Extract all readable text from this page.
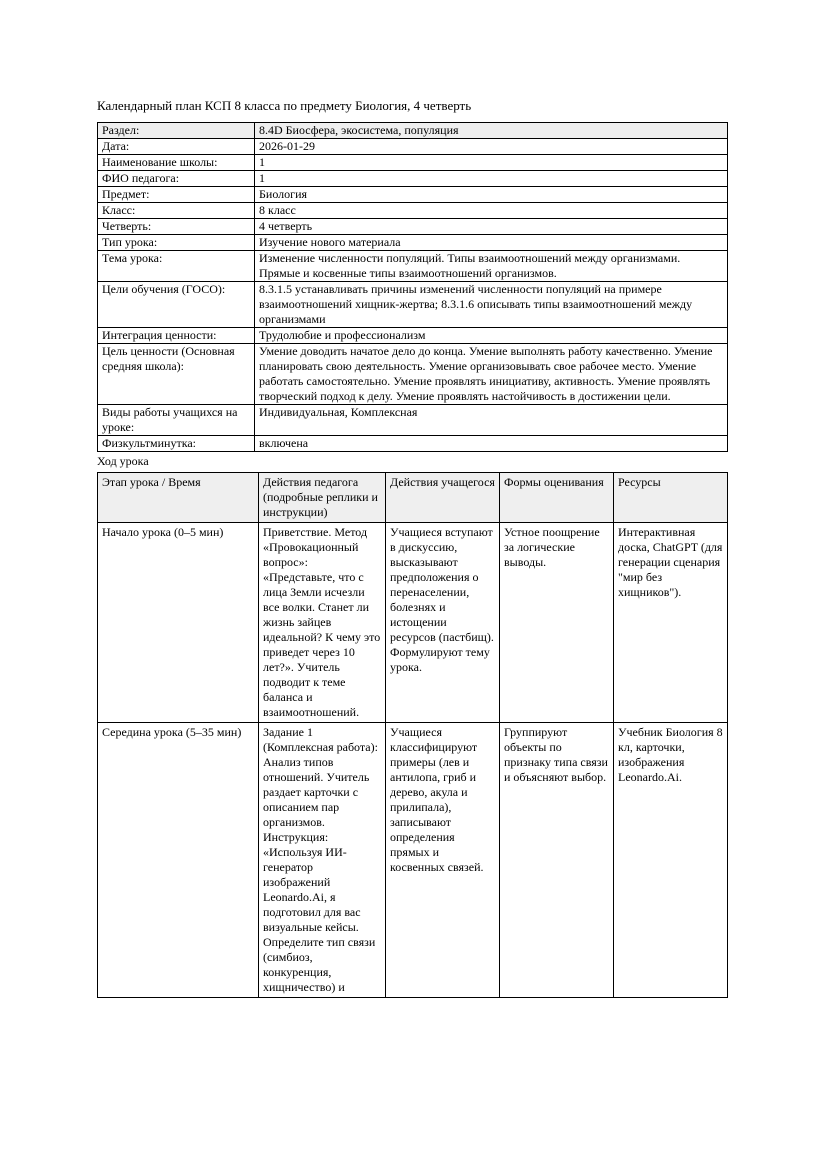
Календарный план КСП 8 класса по предмету Биология, 4 четверть

Раздел:	8.4D Биосфера, экосистема, популяция
Дата:	2026-01-29
Наименование школы:	1
ФИО педагога:	1
Предмет:	Биология
Класс:	8 класс
Четверть:	4 четверть
Тип урока:	Изучение нового материала
Тема урока:	Изменение численности популяций. Типы взаимоотношений между организмами. Прямые и косвенные типы взаимоотношений организмов.
Цели обучения (ГОСО):	8.3.1.5 устанавливать причины изменений численности популяций на примере взаимоотношений хищник-жертва; 8.3.1.6 описывать типы взаимоотношений между организмами
Интеграция ценности:	Трудолюбие и профессионализм
Цель ценности (Основная средняя школа):	Умение доводить начатое дело до конца. Умение выполнять работу качественно. Умение планировать свою деятельность. Умение организовывать свое рабочее место. Умение работать самостоятельно. Умение проявлять инициативу, активность. Умение проявлять творческий подход к делу. Умение проявлять настойчивость в достижении цели.
Виды работы учащихся на уроке:	Индивидуальная, Комплексная
Физкультминутка:	включена

Ход урока

Этап урока / Время	Действия педагога (подробные реплики и инструкции)	Действия учащегося	Формы оценивания	Ресурсы
Начало урока (0–5 мин)	Приветствие. Метод «Провокационный вопрос»: «Представьте, что с лица Земли исчезли все волки. Станет ли жизнь зайцев идеальной? К чему это приведет через 10 лет?». Учитель подводит к теме баланса и взаимоотношений.	Учащиеся вступают в дискуссию, высказывают предположения о перенаселении, болезнях и истощении ресурсов (пастбищ). Формулируют тему урока.	Устное поощрение за логические выводы.	Интерактивная доска, ChatGPT (для генерации сценария "мир без хищников").
Середина урока (5–35 мин)	Задание 1 (Комплексная работа): Анализ типов отношений. Учитель раздает карточки с описанием пар организмов. Инструкция: «Используя ИИ-генератор изображений Leonardo.Ai, я подготовил для вас визуальные кейсы. Определите тип связи (симбиоз, конкуренция, хищничество) и	Учащиеся классифицируют примеры (лев и антилопа, гриб и дерево, акула и прилипала), записывают определения прямых и косвенных связей.	Группируют объекты по признаку типа связи и объясняют выбор.	Учебник Биология 8 кл, карточки, изображения Leonardo.Ai.
